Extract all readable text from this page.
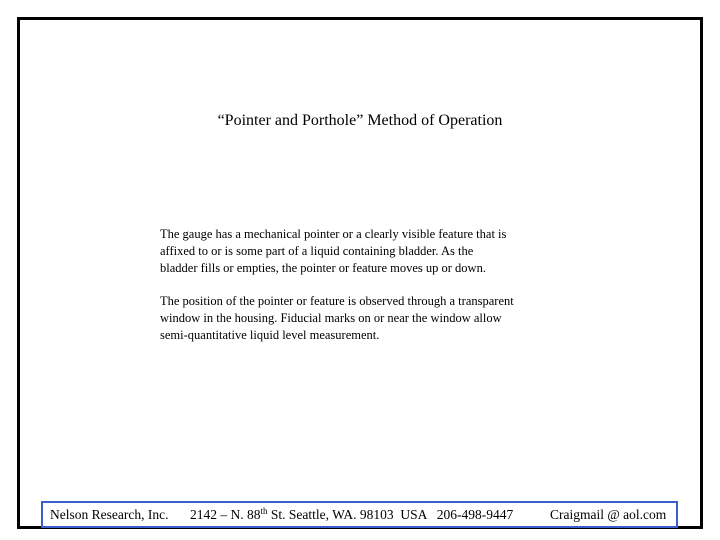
“Pointer and Porthole” Method of Operation
The gauge has a mechanical pointer or a clearly visible feature that is
affixed to or is some part of a liquid containing bladder. As the
bladder fills or empties, the pointer or feature moves up or down.
The position of the pointer or feature is observed through a transparent
window in the housing. Fiducial marks on or near the window allow
semi-quantitative liquid level measurement.
Nelson Research, Inc. 2142 – N. 88th St. Seattle, WA. 98103  USA   206-498-9447	Craigmail @ aol.com
